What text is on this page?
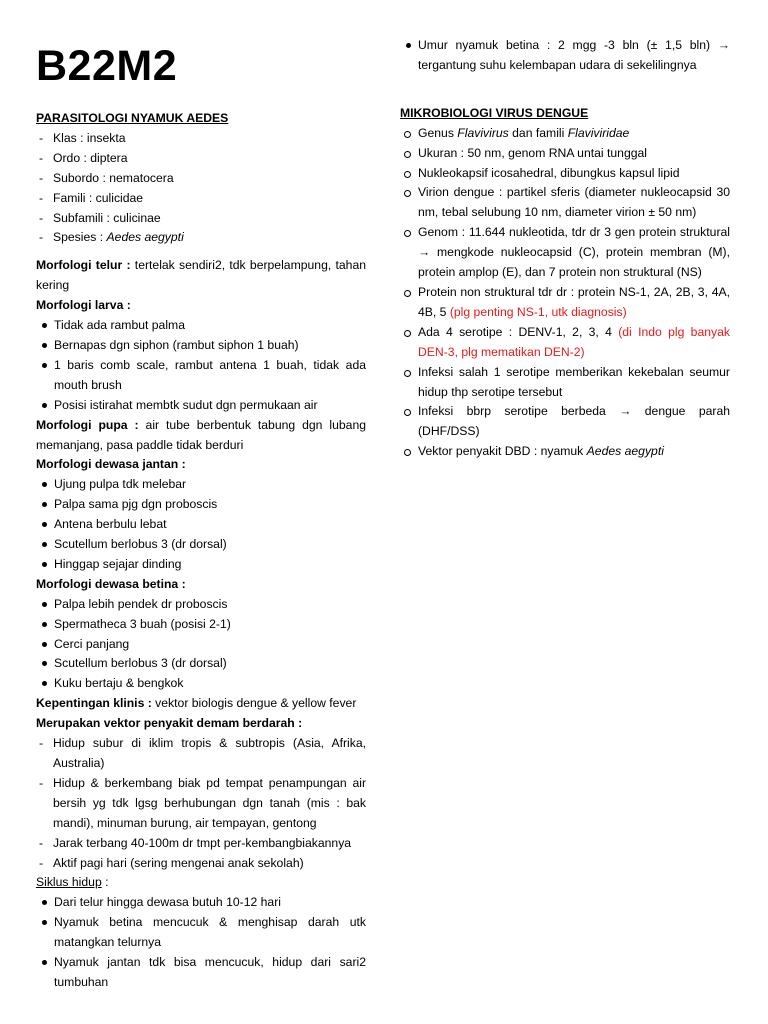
B22M2
PARASITOLOGI NYAMUK AEDES
- Klas : insekta
- Ordo : diptera
- Subordo : nematocera
- Famili : culicidae
- Subfamili : culicinae
- Spesies : Aedes aegypti
Morfologi telur : tertelak sendiri2, tdk berpelampung, tahan kering
Morfologi larva :
Tidak ada rambut palma
Bernapas dgn siphon (rambut siphon 1 buah)
1 baris comb scale, rambut antena 1 buah, tidak ada mouth brush
Posisi istirahat membtk sudut dgn permukaan air
Morfologi pupa : air tube berbentuk tabung dgn lubang memanjang, pasa paddle tidak berduri
Morfologi dewasa jantan :
Ujung pulpa tdk melebar
Palpa sama pjg dgn proboscis
Antena berbulu lebat
Scutellum berlobus 3 (dr dorsal)
Hinggap sejajar dinding
Morfologi dewasa betina :
Palpa lebih pendek dr proboscis
Spermatheca 3 buah (posisi 2-1)
Cerci panjang
Scutellum berlobus 3 (dr dorsal)
Kuku bertaju & bengkok
Kepentingan klinis : vektor biologis dengue & yellow fever
Merupakan vektor penyakit demam berdarah :
- Hidup subur di iklim tropis & subtropis (Asia, Afrika, Australia)
- Hidup & berkembang biak pd tempat penampungan air bersih yg tdk lgsg berhubungan dgn tanah (mis : bak mandi), minuman burung, air tempayan, gentong
- Jarak terbang 40-100m dr tmpt per-kembangbiakannya
- Aktif pagi hari (sering mengenai anak sekolah)
Siklus hidup :
Dari telur hingga dewasa butuh 10-12 hari
Nyamuk betina mencucuk & menghisap darah utk matangkan telurnya
Nyamuk jantan tdk bisa mencucuk, hidup dari sari2 tumbuhan
Umur nyamuk betina : 2 mgg -3 bln (± 1,5 bln) → tergantung suhu kelembapan udara di sekelilingnya
MIKROBIOLOGI VIRUS DENGUE
Genus Flavivirus dan famili Flaviviridae
Ukuran : 50 nm, genom RNA untai tunggal
Nukleokapsif icosahedral, dibungkus kapsul lipid
Virion dengue : partikel sferis (diameter nukleocapsid 30 nm, tebal selubung 10 nm, diameter virion ± 50 nm)
Genom : 11.644 nukleotida, tdr dr 3 gen protein struktural → mengkode nukleocapsid (C), protein membran (M), protein amplop (E), dan 7 protein non struktural (NS)
Protein non struktural tdr dr : protein NS-1, 2A, 2B, 3, 4A, 4B, 5 (plg penting NS-1, utk diagnosis)
Ada 4 serotipe : DENV-1, 2, 3, 4 (di Indo plg banyak DEN-3, plg mematikan DEN-2)
Infeksi salah 1 serotipe memberikan kekebalan seumur hidup thp serotipe tersebut
Infeksi bbrp serotipe berbeda → dengue parah (DHF/DSS)
Vektor penyakit DBD : nyamuk Aedes aegypti
